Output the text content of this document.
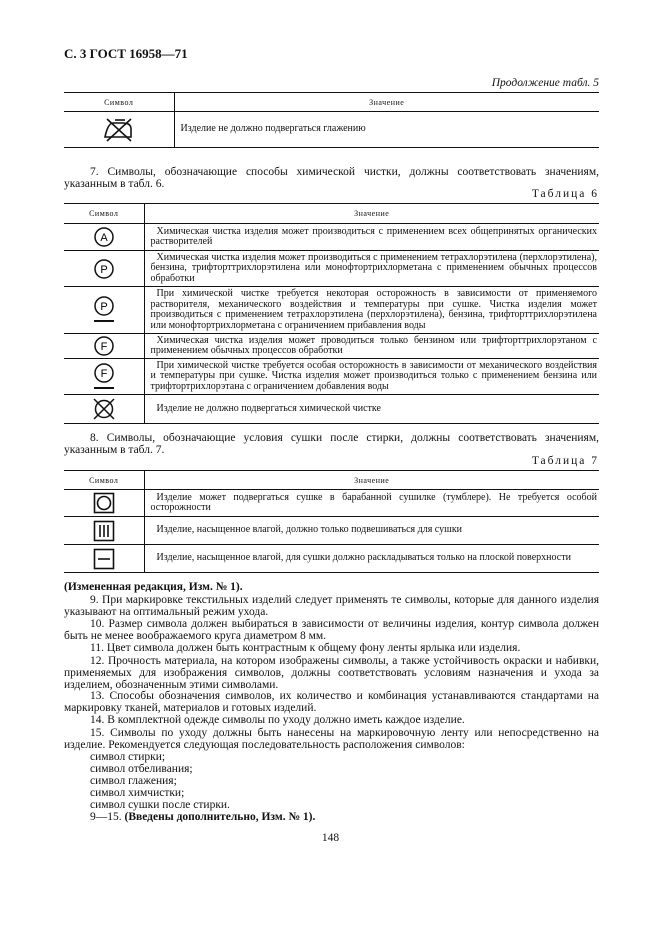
С. 3 ГОСТ 16958—71
Продолжение табл. 5
Символ	Значение

	Изделие не должно подвергаться глажению
7. Символы, обозначающие способы химической чистки, должны соответствовать значениям, указанным в табл. 6.
Таблица 6
Символ	Значение

A	Химическая чистка изделия может производиться с применением всех общепринятых органических растворителей

P	Химическая чистка изделия может производиться с применением тетрахлорэтилена (перхлорэтилена), бензина, трифторттрихлорэтилена или монофтортрихлорметана с применением обычных процессов обработки

P	При химической чистке требуется некоторая осторожность в зависимости от применяемого растворителя, механического воздействия и температуры при сушке. Чистка изделия может производиться с применением тетрахлорэтилена (перхлорэтилена), бензина, трифторттрихлорэтилена или монофтортрихлорметана с ограничением прибавления воды

F	Химическая чистка изделия может проводиться только бензином или трифторттрихлорэтаном с применением обычных процессов обработки

F	При химической чистке требуется особая осторожность в зависимости от механического воздействия и температуры при сушке. Чистка изделия может производиться только с применением бензина или трифтортрихлорэтана с ограничением добавления воды

	Изделие не должно подвергаться химической чистке
8. Символы, обозначающие условия сушки после стирки, должны соответствовать значениям, указанным в табл. 7.
Таблица 7
Символ	Значение

	Изделие может подвергаться сушке в барабанной сушилке (тумблере). Не требуется особой осторожности

	Изделие, насыщенное влагой, должно только подвешиваться для сушки

	Изделие, насыщенное влагой, для сушки должно раскладываться только на плоской поверхности
(Измененная редакция, Изм. № 1).
9. При маркировке текстильных изделий следует применять те символы, которые для данного изделия указывают на оптимальный режим ухода.
10. Размер символа должен выбираться в зависимости от величины изделия, контур символа должен быть не менее воображаемого круга диаметром 8 мм.
11. Цвет символа должен быть контрастным к общему фону ленты ярлыка или изделия.
12. Прочность материала, на котором изображены символы, а также устойчивость окраски и набивки, применяемых для изображения символов, должны соответствовать условиям назначения и ухода за изделием, обозначенным этими символами.
13. Способы обозначения символов, их количество и комбинация устанавливаются стандартами на маркировку тканей, материалов и готовых изделий.
14. В комплектной одежде символы по уходу должно иметь каждое изделие.
15. Символы по уходу должны быть нанесены на маркировочную ленту или непосредственно на изделие. Рекомендуется следующая последовательность расположения символов:
символ стирки;
символ отбеливания;
символ глажения;
символ химчистки;
символ сушки после стирки.
9—15. (Введены дополнительно, Изм. № 1).
148
